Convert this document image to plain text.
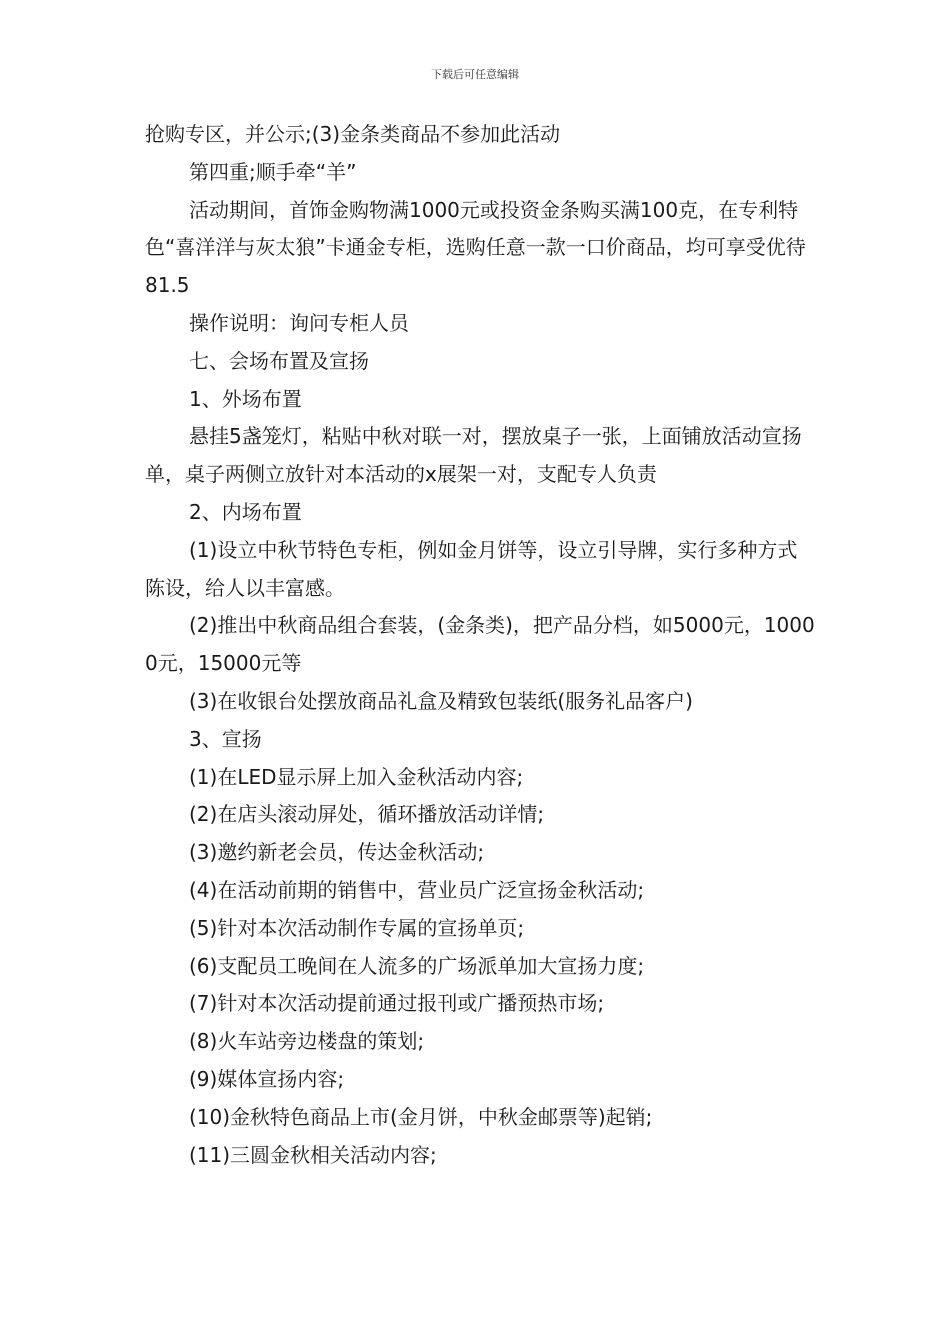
下载后可任意编辑

抢购专区，并公示;(3)金条类商品不参加此活动

第四重;顺手牵“羊”

活动期间，首饰金购物满1000元或投资金条购买满100克，在专利特色“喜洋洋与灰太狼”卡通金专柜，选购任意一款一口价商品，均可享受优待81.5

操作说明：询问专柜人员

七、会场布置及宣扬

1、外场布置

悬挂5盏笼灯，粘贴中秋对联一对，摆放桌子一张，上面铺放活动宣扬单，桌子两侧立放针对本活动的x展架一对，支配专人负责

2、内场布置

(1)设立中秋节特色专柜，例如金月饼等，设立引导牌，实行多种方式陈设，给人以丰富感。

(2)推出中秋商品组合套装，(金条类)，把产品分档，如5000元，10000元，15000元等

(3)在收银台处摆放商品礼盒及精致包装纸(服务礼品客户)

3、宣扬

(1)在LED显示屏上加入金秋活动内容;

(2)在店头滚动屏处，循环播放活动详情;

(3)邀约新老会员，传达金秋活动;

(4)在活动前期的销售中，营业员广泛宣扬金秋活动;

(5)针对本次活动制作专属的宣扬单页;

(6)支配员工晚间在人流多的广场派单加大宣扬力度;

(7)针对本次活动提前通过报刊或广播预热市场;

(8)火车站旁边楼盘的策划;

(9)媒体宣扬内容;

(10)金秋特色商品上市(金月饼，中秋金邮票等)起销;

(11)三圆金秋相关活动内容;
